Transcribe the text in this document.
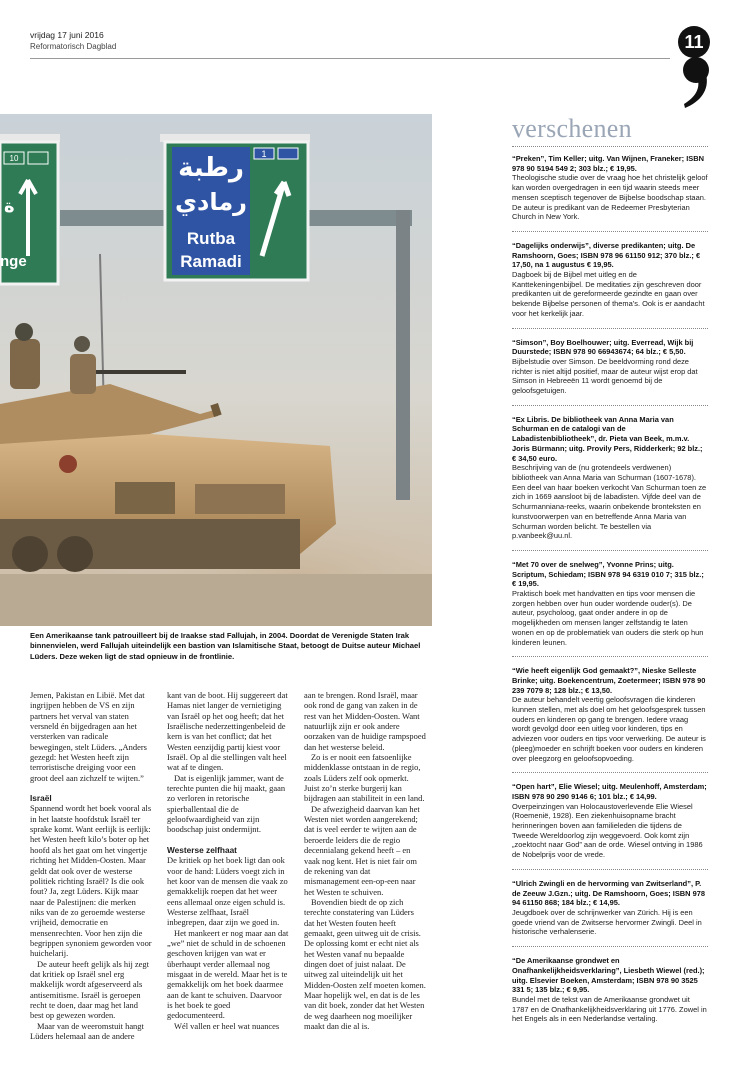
vrijdag 17 juni 2016
Reformatorisch Dagblad	11
1
رطبة
رمادي
Rutba
Ramadi
10
ة
nge
Een Amerikaanse tank patrouilleert bij de Iraakse stad Fallujah, in 2004. Doordat de Verenigde Staten Irak binnenvielen, werd Fallujah uiteindelijk een bastion van Islamitische Staat, betoogt de Duitse auteur Michael Lüders. Deze weken ligt de stad opnieuw in de frontlinie.

Jemen, Pakistan en Libië. Met dat ingrijpen hebben de VS en zijn partners het verval van staten versneld én bijgedragen aan het versterken van radicale bewegingen, stelt Lüders. „Anders gezegd: het Westen heeft zijn terroristische dreiging voor een groot deel aan zichzelf te wijten.”

Israël

Spannend wordt het boek vooral als in het laatste hoofdstuk Israël ter sprake komt. Want eerlijk is eerlijk: het Westen heeft kilo’s boter op het hoofd als het gaat om het vingertje richting het Midden-Oosten. Maar geldt dat ook over de westerse politiek richting Israël? Is die ook fout? Ja, zegt Lüders. Kijk maar naar de Palestijnen: die merken niks van de zo geroemde westerse vrijheid, democratie en mensenrechten. Voor hen zijn die begrippen synoniem geworden voor huichelarij.

De auteur heeft gelijk als hij zegt dat kritiek op Israël snel erg makkelijk wordt afgeserveerd als antisemitisme. Israël is geroepen recht te doen, daar mag het land best op gewezen worden.

Maar van de weeromstuit hangt Lüders helemaal aan de andere

kant van de boot. Hij suggereert dat Hamas niet langer de vernietiging van Israël op het oog heeft; dat het Israëlische nederzettingenbeleid de kern is van het conflict; dat het Westen eenzijdig partij kiest voor Israël. Op al die stellingen valt heel wat af te dingen.

Dat is eigenlijk jammer, want de terechte punten die hij maakt, gaan zo verloren in retorische spierballentaal die de geloofwaardigheid van zijn boodschap juist ondermijnt.

Westerse zelfhaat

De kritiek op het boek ligt dan ook voor de hand: Lüders voegt zich in het koor van de mensen die vaak zo gemakkelijk roepen dat het weer eens allemaal onze eigen schuld is. Westerse zelfhaat, Israël inbegrepen, daar zijn we goed in.

Het mankeert er nog maar aan dat „we” niet de schuld in de schoenen geschoven krijgen van wat er überhaupt verder allemaal nog misgaat in de wereld. Maar het is te gemakkelijk om het boek daarmee aan de kant te schuiven. Daarvoor is het boek te goed gedocumenteerd.

Wél vallen er heel wat nuances

aan te brengen. Rond Israël, maar ook rond de gang van zaken in de rest van het Midden-Oosten. Want natuurlijk zijn er ook andere oorzaken van de huidige rampspoed dan het westerse beleid.

Zo is er nooit een fatsoenlijke middenklasse ontstaan in de regio, zoals Lüders zelf ook opmerkt. Juist zo’n sterke burgerij kan bijdragen aan stabiliteit in een land.

De afwezigheid daarvan kan het Westen niet worden aangerekend; dat is veel eerder te wijten aan de beroerde leiders die de regio decennialang gekend heeft – en vaak nog kent. Het is niet fair om de rekening van dat mismanagement een-op-een naar het Westen te schuiven.

Bovendien biedt de op zich terechte constatering van Lüders dat het Westen fouten heeft gemaakt, geen uitweg uit de crisis. De oplossing komt er echt niet als het Westen vanaf nu bepaalde dingen doet of juist nalaat. De uitweg zal uiteindelijk uit het Midden-Oosten zelf moeten komen. Maar hopelijk wel, en dat is de les van dit boek, zonder dat het Westen de weg daarheen nog moeilijker maakt dan die al is.

verschenen
“Preken”, Tim Keller; uitg. Van Wijnen, Franeker; ISBN 978 90 5194 549 2; 303 blz.; € 19,95.
Theologische studie over de vraag hoe het christelijk geloof kan worden overgedragen in een tijd waarin steeds meer mensen sceptisch tegenover de Bijbelse boodschap staan. De auteur is predikant van de Redeemer Presbyterian Church in New York.
“Dagelijks onderwijs”, diverse predikanten; uitg. De Ramshoorn, Goes; ISBN 978 96 61150 912; 370 blz.; € 17,50, na 1 augustus € 19,95.
Dagboek bij de Bijbel met uitleg en de Kanttekeningenbijbel. De meditaties zijn geschreven door predikanten uit de gereformeerde gezindte en gaan over bekende Bijbelse personen of thema’s. Ook is er aandacht voor het kerkelijk jaar.
“Simson”, Boy Boelhouwer; uitg. Everread, Wijk bij Duurstede; ISBN 978 90 66943674; 64 blz.; € 5,50.
Bijbelstudie over Simson. De beeldvorming rond deze richter is niet altijd positief, maar de auteur wijst erop dat Simson in Hebreeën 11 wordt genoemd bij de geloofsgetuigen.
“Ex Libris. De bibliotheek van Anna Maria van Schurman en de catalogi van de Labadistenbibliotheek”, dr. Pieta van Beek, m.m.v. Joris Bürmann; uitg. Provily Pers, Ridderkerk; 92 blz.; € 34,50 euro.
Beschrijving van de (nu grotendeels verdwenen) bibliotheek van Anna Maria van Schurman (1607-1678). Een deel van haar boeken verkocht Van Schurman toen ze zich in 1669 aansloot bij de labadisten. Vijfde deel van de Schurmanniana-reeks, waarin onbekende bronteksten en kunstvoorwerpen van en betreffende Anna Maria van Schurman worden belicht. Te bestellen via p.vanbeek@uu.nl.
“Met 70 over de snelweg”, Yvonne Prins; uitg. Scriptum, Schiedam; ISBN 978 94 6319 010 7; 315 blz.; € 19,95.
Praktisch boek met handvatten en tips voor mensen die zorgen hebben over hun ouder wordende ouder(s). De auteur, psycholoog, gaat onder andere in op de mogelijkheden om mensen langer zelfstandig te laten wonen en op de problematiek van ouders die sterk op hun kinderen leunen.
“Wie heeft eigenlijk God gemaakt?”, Nieske Selleste Brinke; uitg. Boekencentrum, Zoetermeer; ISBN 978 90 239 7079 8; 128 blz.; € 13,50.
De auteur behandelt veertig geloofsvragen die kinderen kunnen stellen, met als doel om het geloofsgesprek tussen ouders en kinderen op gang te brengen. Iedere vraag wordt gevolgd door een uitleg voor kinderen, tips en adviezen voor ouders en tips voor verwerking. De auteur is (pleeg)moeder en schrijft boeken voor ouders en kinderen over pleegzorg en geloofsopvoeding.
“Open hart”, Elie Wiesel; uitg. Meulenhoff, Amsterdam; ISBN 978 90 290 9146 6; 101 blz.; € 14,99.
Overpeinzingen van Holocaustoverlevende Elie Wiesel (Roemenië, 1928). Een ziekenhuisopname bracht herinneringen boven aan familieleden die tijdens de Tweede Wereldoorlog zijn weggevoerd. Ook komt zijn „zoektocht naar God” aan de orde. Wiesel ontving in 1986 de Nobelprijs voor de vrede.
“Ulrich Zwingli en de hervorming van Zwitserland”, P. de Zeeuw J.Gzn.; uitg. De Ramshoorn, Goes; ISBN 978 94 61150 868; 184 blz.; € 14,95.
Jeugdboek over de schrijnwerker van Zürich. Hij is een goede vriend van de Zwitserse hervormer Zwingli. Deel in historische verhalenserie.
“De Amerikaanse grondwet en Onafhankelijkheidsverklaring”, Liesbeth Wiewel (red.); uitg. Elsevier Boeken, Amsterdam; ISBN 978 90 3525 331 5; 135 blz.; € 9,95.
Bundel met de tekst van de Amerikaanse grondwet uit 1787 en de Onafhankelijkheidsverklaring uit 1776. Zowel in het Engels als in een Nederlandse vertaling.
